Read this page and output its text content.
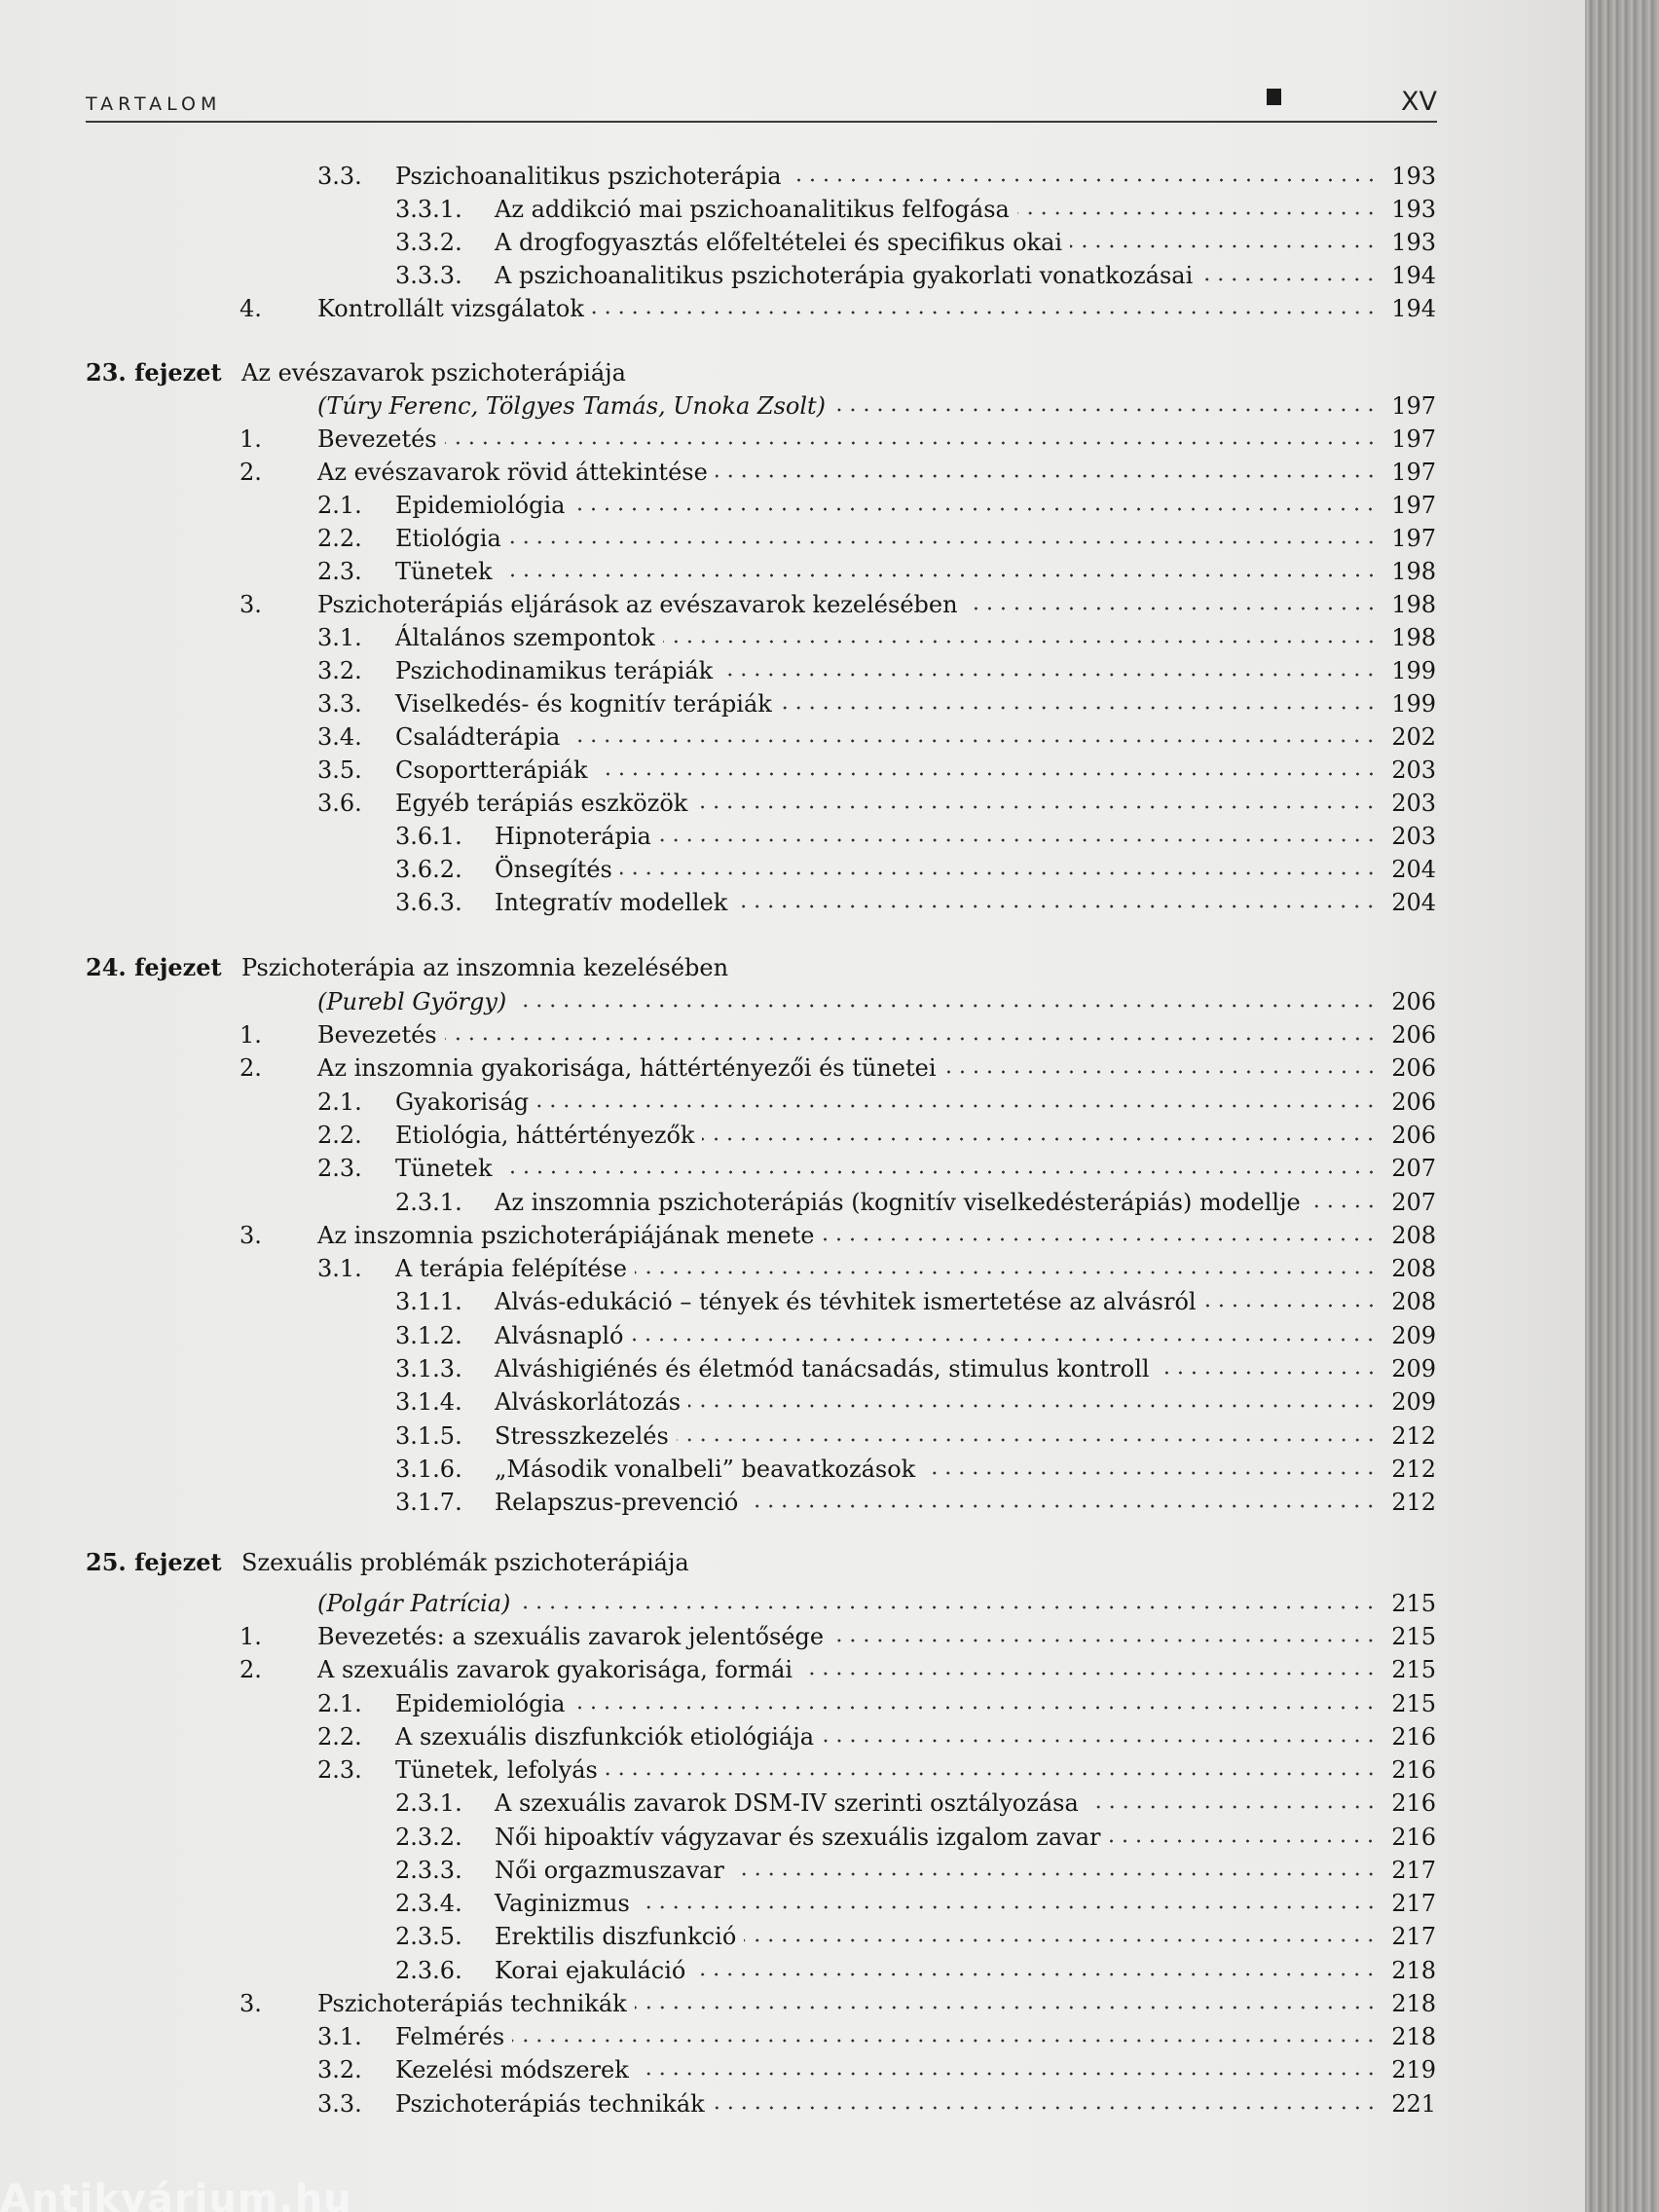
TARTALOM	XV
3.3.	Pszichoanalitikus pszichoterápia	193
3.3.1.	Az addikció mai pszichoanalitikus felfogása	193
3.3.2.	A drogfogyasztás előfeltételei és specifikus okai	193
3.3.3.	A pszichoanalitikus pszichoterápia gyakorlati vonatkozásai	194
4.	Kontrollált vizsgálatok	194
23. fejezet Az evészavarok pszichoterápiája
(Túry Ferenc, Tölgyes Tamás, Unoka Zsolt)	197
1.	Bevezetés	197
2.	Az evészavarok rövid áttekintése	197
2.1.	Epidemiológia	197
2.2.	Etiológia	197
2.3.	Tünetek	198
3.	Pszichoterápiás eljárások az evészavarok kezelésében	198
3.1.	Általános szempontok	198
3.2.	Pszichodinamikus terápiák	199
3.3.	Viselkedés- és kognitív terápiák	199
3.4.	Családterápia	202
3.5.	Csoportterápiák	203
3.6.	Egyéb terápiás eszközök	203
3.6.1.	Hipnoterápia	203
3.6.2.	Önsegítés	204
3.6.3.	Integratív modellek	204
24. fejezet Pszichoterápia az inszomnia kezelésében
(Purebl György)	206
1.	Bevezetés	206
2.	Az inszomnia gyakorisága, háttértényezői és tünetei	206
2.1.	Gyakoriság	206
2.2.	Etiológia, háttértényezők	206
2.3.	Tünetek	207
2.3.1.	Az inszomnia pszichoterápiás (kognitív viselkedésterápiás) modellje	207
3.	Az inszomnia pszichoterápiájának menete	208
3.1.	A terápia felépítése	208
3.1.1.	Alvás-edukáció – tények és tévhitek ismertetése az alvásról	208
3.1.2.	Alvásnapló	209
3.1.3.	Alváshigiénés és életmód tanácsadás, stimulus kontroll	209
3.1.4.	Alváskorlátozás	209
3.1.5.	Stresszkezelés	212
3.1.6.	„Második vonalbeli” beavatkozások	212
3.1.7.	Relapszus-prevenció	212
25. fejezet Szexuális problémák pszichoterápiája
(Polgár Patrícia)	215
1.	Bevezetés: a szexuális zavarok jelentősége	215
2.	A szexuális zavarok gyakorisága, formái	215
2.1.	Epidemiológia	215
2.2.	A szexuális diszfunkciók etiológiája	216
2.3.	Tünetek, lefolyás	216
2.3.1.	A szexuális zavarok DSM-IV szerinti osztályozása	216
2.3.2.	Női hipoaktív vágyzavar és szexuális izgalom zavar	216
2.3.3.	Női orgazmuszavar	217
2.3.4.	Vaginizmus	217
2.3.5.	Erektilis diszfunkció	217
2.3.6.	Korai ejakuláció	218
3.	Pszichoterápiás technikák	218
3.1.	Felmérés	218
3.2.	Kezelési módszerek	219
3.3.	Pszichoterápiás technikák	221
Antikvárium.hu
